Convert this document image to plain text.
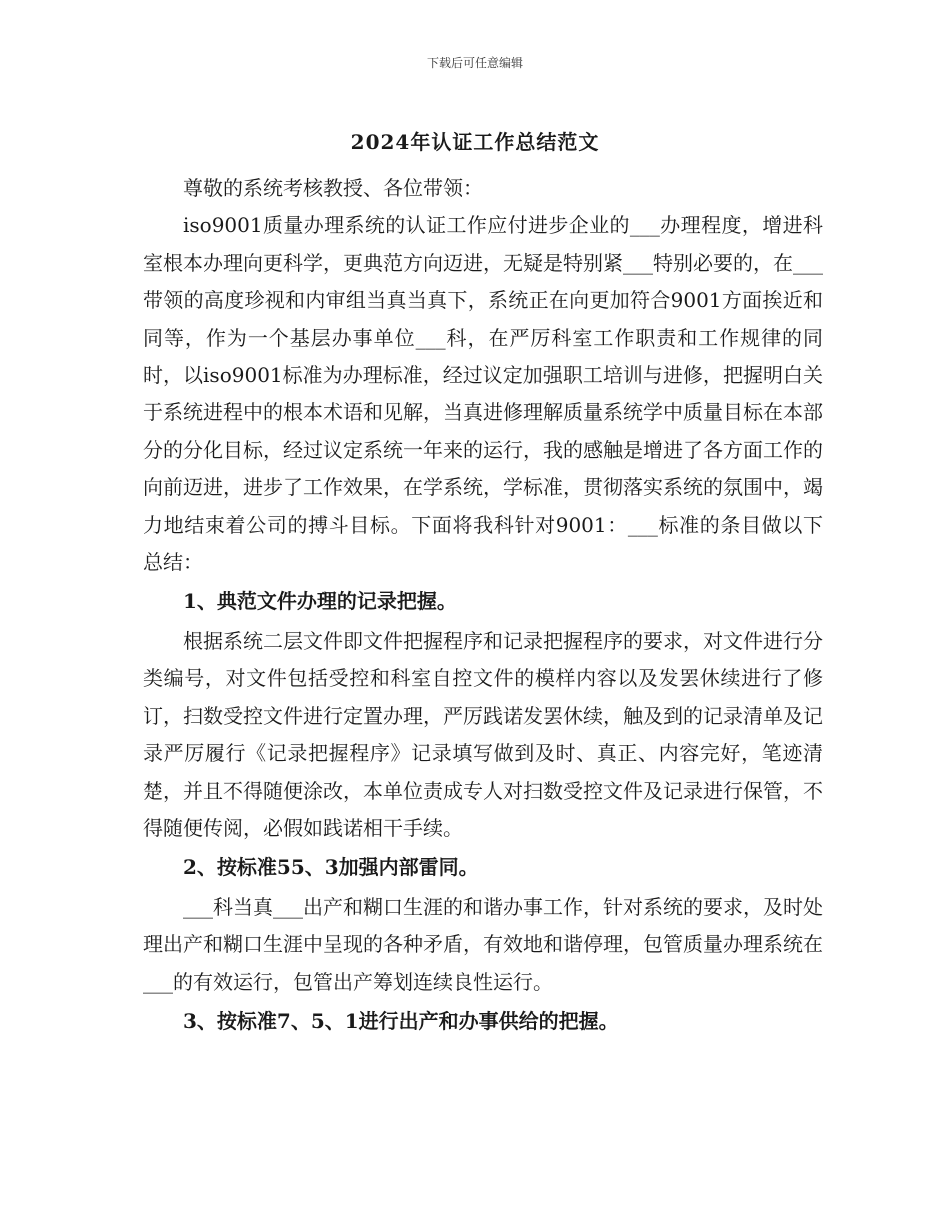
下载后可任意编辑
2024年认证工作总结范文

尊敬的系统考核教授、各位带领：

iso9001质量办理系统的认证工作应付进步企业的___办理程度，增进科室根本办理向更科学，更典范方向迈进，无疑是特别紧___特别必要的，在___带领的高度珍视和内审组当真当真下，系统正在向更加符合9001方面挨近和同等，作为一个基层办事单位___科，在严厉科室工作职责和工作规律的同时，以iso9001标准为办理标准，经过议定加强职工培训与进修，把握明白关于系统进程中的根本术语和见解，当真进修理解质量系统学中质量目标在本部分的分化目标，经过议定系统一年来的运行，我的感触是增进了各方面工作的向前迈进，进步了工作效果，在学系统，学标准，贯彻落实系统的氛围中，竭力地结束着公司的搏斗目标。下面将我科针对9001：___标准的条目做以下总结：

1、典范文件办理的记录把握。

根据系统二层文件即文件把握程序和记录把握程序的要求，对文件进行分类编号，对文件包括受控和科室自控文件的模样内容以及发罢休续进行了修订，扫数受控文件进行定置办理，严厉践诺发罢休续，触及到的记录清单及记录严厉履行《记录把握程序》记录填写做到及时、真正、内容完好，笔迹清楚，并且不得随便涂改，本单位责成专人对扫数受控文件及记录进行保管，不得随便传阅，必假如践诺相干手续。

2、按标准55、3加强内部雷同。

___科当真___出产和糊口生涯的和谐办事工作，针对系统的要求，及时处理出产和糊口生涯中呈现的各种矛盾，有效地和谐停理，包管质量办理系统在___的有效运行，包管出产筹划连续良性运行。

3、按标准7、5、1进行出产和办事供给的把握。
